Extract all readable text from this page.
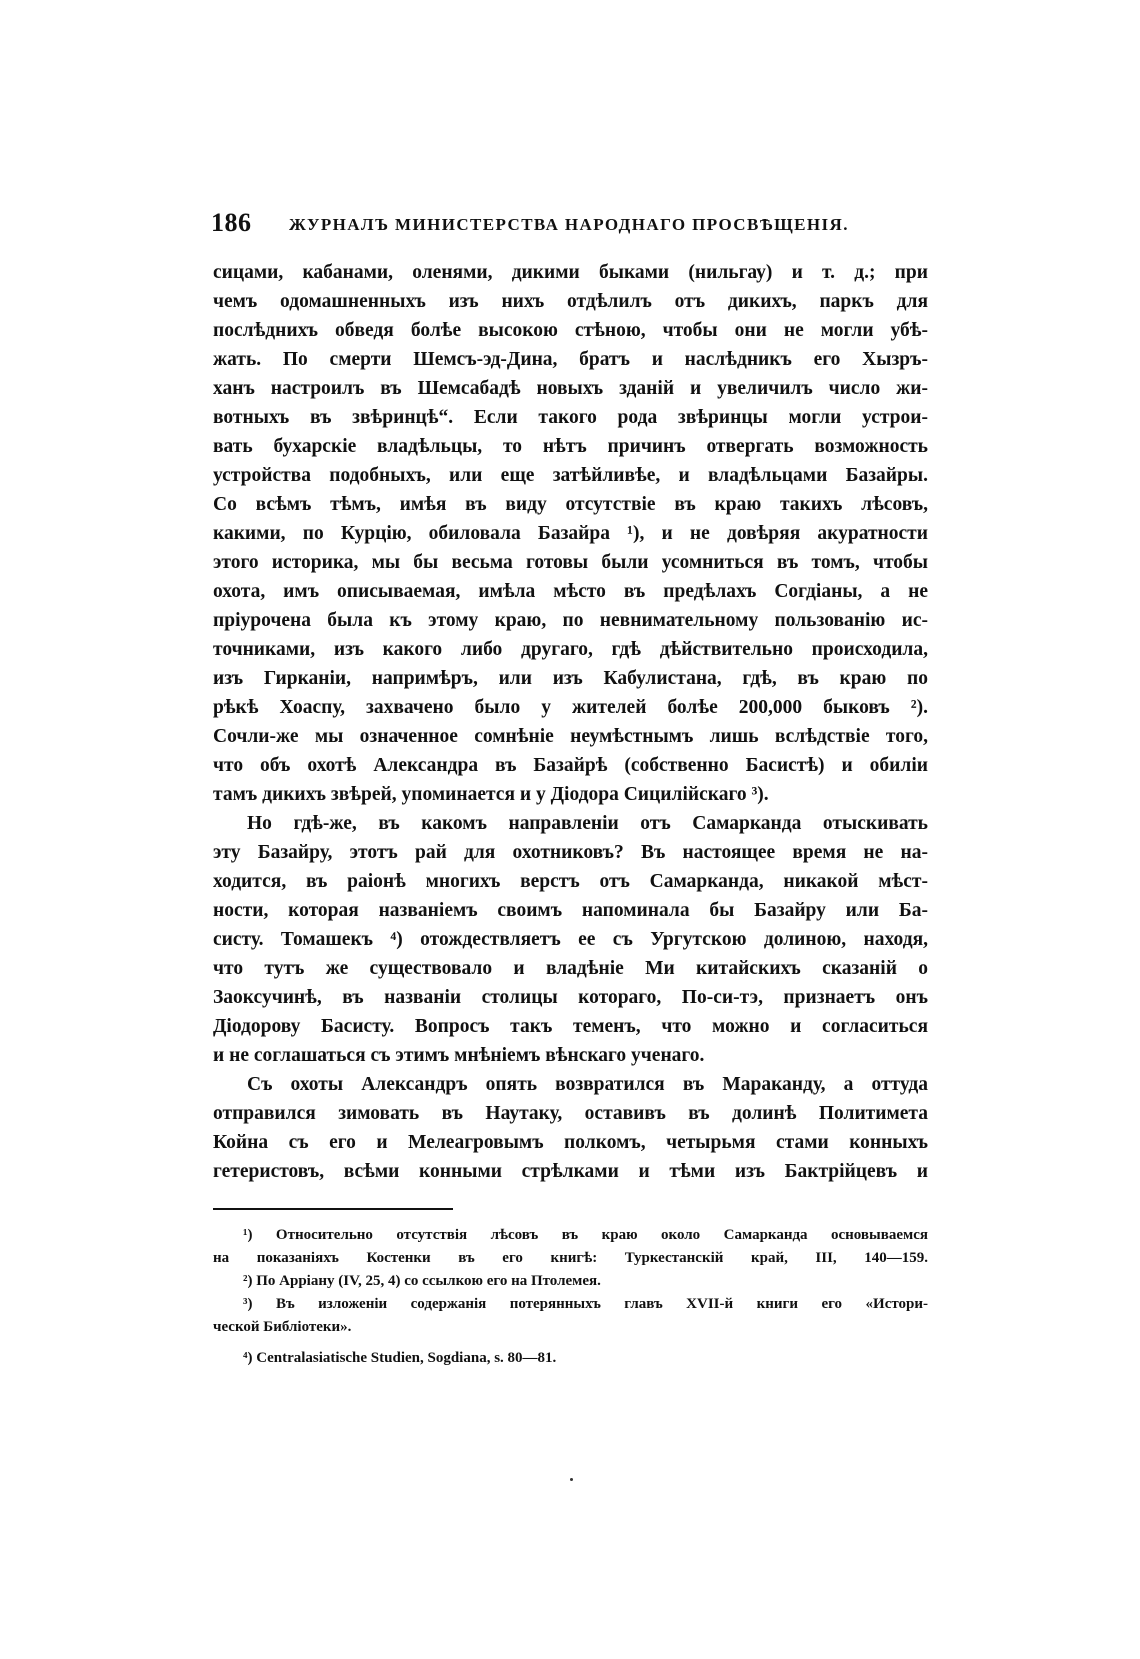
186 ЖУРНАЛЪ МИНИСТЕРСТВА НАРОДНАГО ПРОСВѢЩЕНІЯ.
сицами, кабанами, оленями, дикими быками (нильгау) и т. д.; при
чемъ одомашненныхъ изъ нихъ отдѣлилъ отъ дикихъ, паркъ для
послѣднихъ обведя болѣе высокою стѣною, чтобы они не могли убѣ-
жать. По смерти Шемсъ-эд-Дина, братъ и наслѣдникъ его Хызръ-
ханъ настроилъ въ Шемсабадѣ новыхъ зданій и увеличилъ число жи-
вотныхъ въ звѣринцѣ“. Если такого рода звѣринцы могли устрои-
вать бухарскіе владѣльцы, то нѣтъ причинъ отвергать возможность
устройства подобныхъ, или еще затѣйливѣе, и владѣльцами Базайры.
Со всѣмъ тѣмъ, имѣя въ виду отсутствіе въ краю такихъ лѣсовъ,
какими, по Курцію, обиловала Базайра ¹), и не довѣряя акуратности
этого историка, мы бы весьма готовы были усомниться въ томъ, чтобы
охота, имъ описываемая, имѣла мѣсто въ предѣлахъ Согдіаны, а не
пріурочена была къ этому краю, по невнимательному пользованію ис-
точниками, изъ какого либо другаго, гдѣ дѣйствительно происходила,
изъ Гирканіи, напримѣръ, или изъ Кабулистана, гдѣ, въ краю по
рѣкѣ Хоаспу, захвачено было у жителей болѣе 200,000 быковъ ²).
Сочли-же мы означенное сомнѣніе неумѣстнымъ лишь вслѣдствіе того,
что объ охотѣ Александра въ Базайрѣ (собственно Басистѣ) и обиліи
тамъ дикихъ звѣрей, упоминается и у Діодора Сицилійскаго ³).
Но гдѣ-же, въ какомъ направленіи отъ Самарканда отыскивать
эту Базайру, этотъ рай для охотниковъ? Въ настоящее время не на-
ходится, въ раіонѣ многихъ верстъ отъ Самарканда, никакой мѣст-
ности, которая названіемъ своимъ напоминала бы Базайру или Ба-
систу. Томашекъ ⁴) отождествляетъ ее съ Ургутскою долиною, находя,
что тутъ же существовало и владѣніе Ми китайскихъ сказаній о
Заоксучинѣ, въ названіи столицы котораго, По-си-тэ, признаетъ онъ
Діодорову Басисту. Вопросъ такъ теменъ, что можно и согласиться
и не соглашаться съ этимъ мнѣніемъ вѣнскаго ученаго.
Съ охоты Александръ опять возвратился въ Мараканду, а оттуда
отправился зимовать въ Наутаку, оставивъ въ долинѣ Политимета
Койна съ его и Мелеагровымъ полкомъ, четырьмя стами конныхъ
гетеристовъ, всѣми конными стрѣлками и тѣми изъ Бактрійцевъ и
¹) Относительно отсутствія лѣсовъ въ краю около Самарканда основываемся
на показаніяхъ Костенки въ его книгѣ: Туркестанскій край, III, 140—159.
²) По Арріану (IV, 25, 4) со ссылкою его на Птолемея.
³) Въ изложеніи содержанія потерянныхъ главъ XVII-й книги его «Истори-
ческой Библіотеки».
⁴) Centralasiatische Studien, Sogdiana, s. 80—81.
